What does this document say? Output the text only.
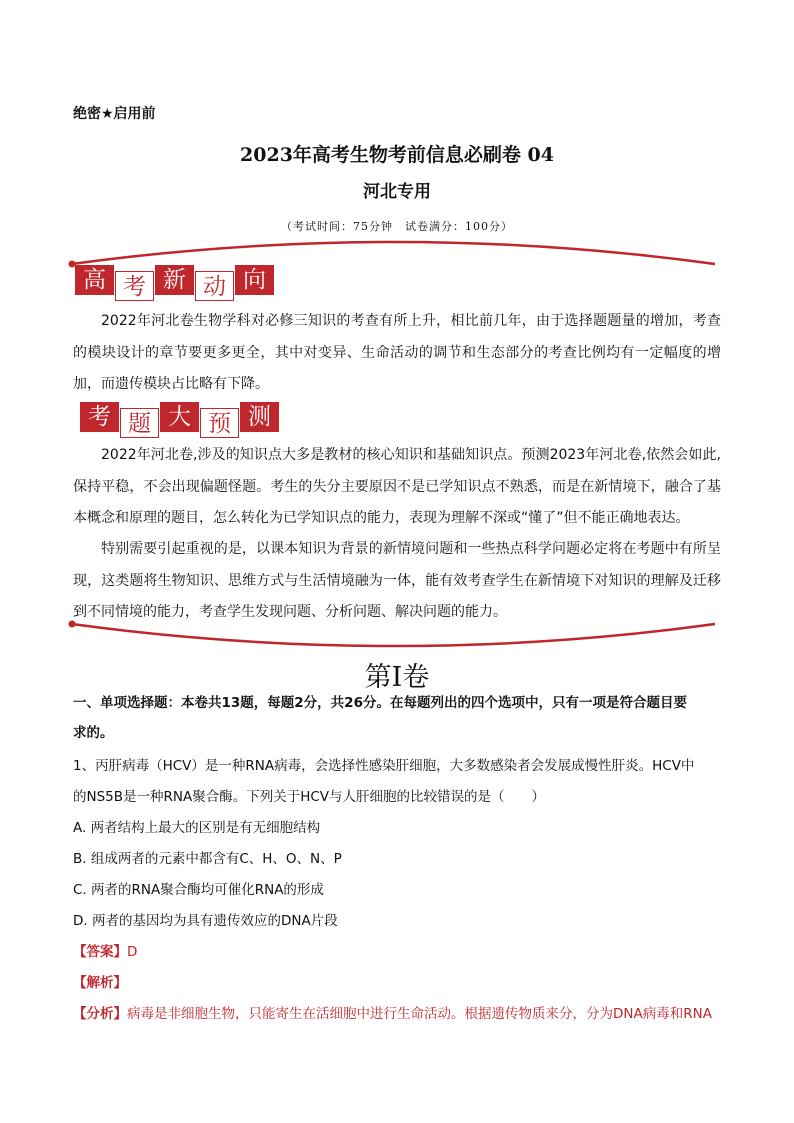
绝密★启用前
2023年高考生物考前信息必刷卷 04
河北专用
（考试时间：75分钟　试卷满分：100分）
高 考 新 动 向
2022年河北卷生物学科对必修三知识的考查有所上升，相比前几年，由于选择题题量的增加，考查的模块设计的章节要更多更全，其中对变异、生命活动的调节和生态部分的考查比例均有一定幅度的增加，而遗传模块占比略有下降。
考 题 大 预 测
2022年河北卷,涉及的知识点大多是教材的核心知识和基础知识点。预测2023年河北卷,依然会如此,保持平稳，不会出现偏题怪题。考生的失分主要原因不是已学知识点不熟悉，而是在新情境下，融合了基本概念和原理的题目，怎么转化为已学知识点的能力，表现为理解不深或“懂了”但不能正确地表达。
特别需要引起重视的是，以课本知识为背景的新情境问题和一些热点科学问题必定将在考题中有所呈现，这类题将生物知识、思维方式与生活情境融为一体，能有效考查学生在新情境下对知识的理解及迁移到不同情境的能力，考查学生发现问题、分析问题、解决问题的能力。
第Ⅰ卷
一、单项选择题：本卷共13题，每题2分，共26分。在每题列出的四个选项中，只有一项是符合题目要
求的。
1、丙肝病毒（HCV）是一种RNA病毒，会选择性感染肝细胞，大多数感染者会发展成慢性肝炎。HCV中
的NS5B是一种RNA聚合酶。下列关于HCV与人肝细胞的比较错误的是（　　）
A. 两者结构上最大的区别是有无细胞结构
B. 组成两者的元素中都含有C、H、O、N、P
C. 两者的RNA聚合酶均可催化RNA的形成
D. 两者的基因均为具有遗传效应的DNA片段
【答案】D
【解析】
【分析】病毒是非细胞生物，只能寄生在活细胞中进行生命活动。根据遗传物质来分，分为DNA病毒和RNA
